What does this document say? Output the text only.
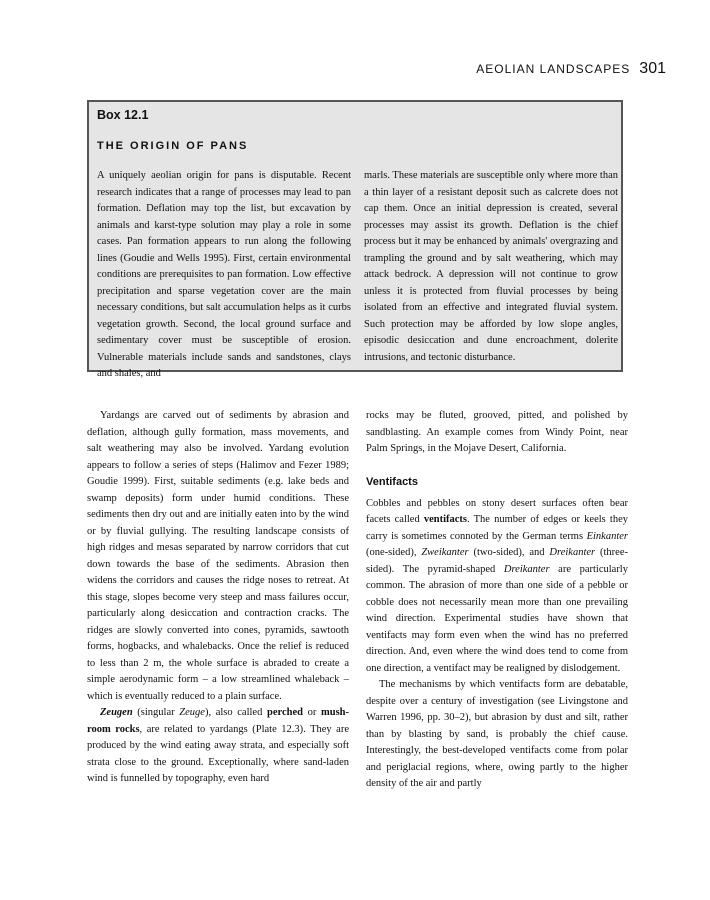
AEOLIAN LANDSCAPES 301
Box 12.1
THE ORIGIN OF PANS
A uniquely aeolian origin for pans is disputable. Recent research indicates that a range of processes may lead to pan formation. Deflation may top the list, but excavation by animals and karst-type solution may play a role in some cases. Pan formation appears to run along the following lines (Goudie and Wells 1995). First, certain environmental conditions are prerequisites to pan formation. Low effective precipitation and sparse vegetation cover are the main necessary conditions, but salt accumulation helps as it curbs vegetation growth. Second, the local ground surface and sedimentary cover must be susceptible of erosion. Vulnerable materials include sands and sandstones, clays and shales, and
marls. These materials are susceptible only where more than a thin layer of a resistant deposit such as calcrete does not cap them. Once an initial depression is created, several processes may assist its growth. Deflation is the chief process but it may be enhanced by animals' overgrazing and trampling the ground and by salt weathering, which may attack bedrock. A depression will not continue to grow unless it is protected from fluvial processes by being isolated from an effective and integrated fluvial system. Such protection may be afforded by low slope angles, episodic desiccation and dune encroachment, dolerite intrusions, and tectonic disturbance.

Yardangs are carved out of sediments by abrasion and deflation, although gully formation, mass movements, and salt weathering may also be involved. Yardang evolution appears to follow a series of steps (Halimov and Fezer 1989; Goudie 1999). First, suitable sediments (e.g. lake beds and swamp deposits) form under humid conditions. These sediments then dry out and are initially eaten into by the wind or by fluvial gullying. The resulting landscape consists of high ridges and mesas separated by narrow corridors that cut down towards the base of the sediments. Abrasion then widens the corridors and causes the ridge noses to retreat. At this stage, slopes become very steep and mass failures occur, particularly along desiccation and contraction cracks. The ridges are slowly converted into cones, pyramids, sawtooth forms, hogbacks, and whalebacks. Once the relief is reduced to less than 2 m, the whole surface is abraded to create a simple aerodynamic form – a low streamlined whaleback – which is eventually reduced to a plain surface.

Zeugen (singular Zeuge), also called perched or mushroom rocks, are related to yardangs (Plate 12.3). They are produced by the wind eating away strata, and especially soft strata close to the ground. Exceptionally, where sand-laden wind is funnelled by topography, even hard

rocks may be fluted, grooved, pitted, and polished by sandblasting. An example comes from Windy Point, near Palm Springs, in the Mojave Desert, California.

Ventifacts

Cobbles and pebbles on stony desert surfaces often bear facets called ventifacts. The number of edges or keels they carry is sometimes connoted by the German terms Einkanter (one-sided), Zweikanter (two-sided), and Dreikanter (three-sided). The pyramid-shaped Dreikanter are particularly common. The abrasion of more than one side of a pebble or cobble does not necessarily mean more than one prevailing wind direction. Experimental studies have shown that ventifacts may form even when the wind has no preferred direction. And, even where the wind does tend to come from one direction, a ventifact may be realigned by dislodgement.

The mechanisms by which ventifacts form are debatable, despite over a century of investigation (see Livingstone and Warren 1996, pp. 30–2), but abrasion by dust and silt, rather than by blasting by sand, is probably the chief cause. Interestingly, the best-developed ventifacts come from polar and periglacial regions, where, owing partly to the higher density of the air and partly
